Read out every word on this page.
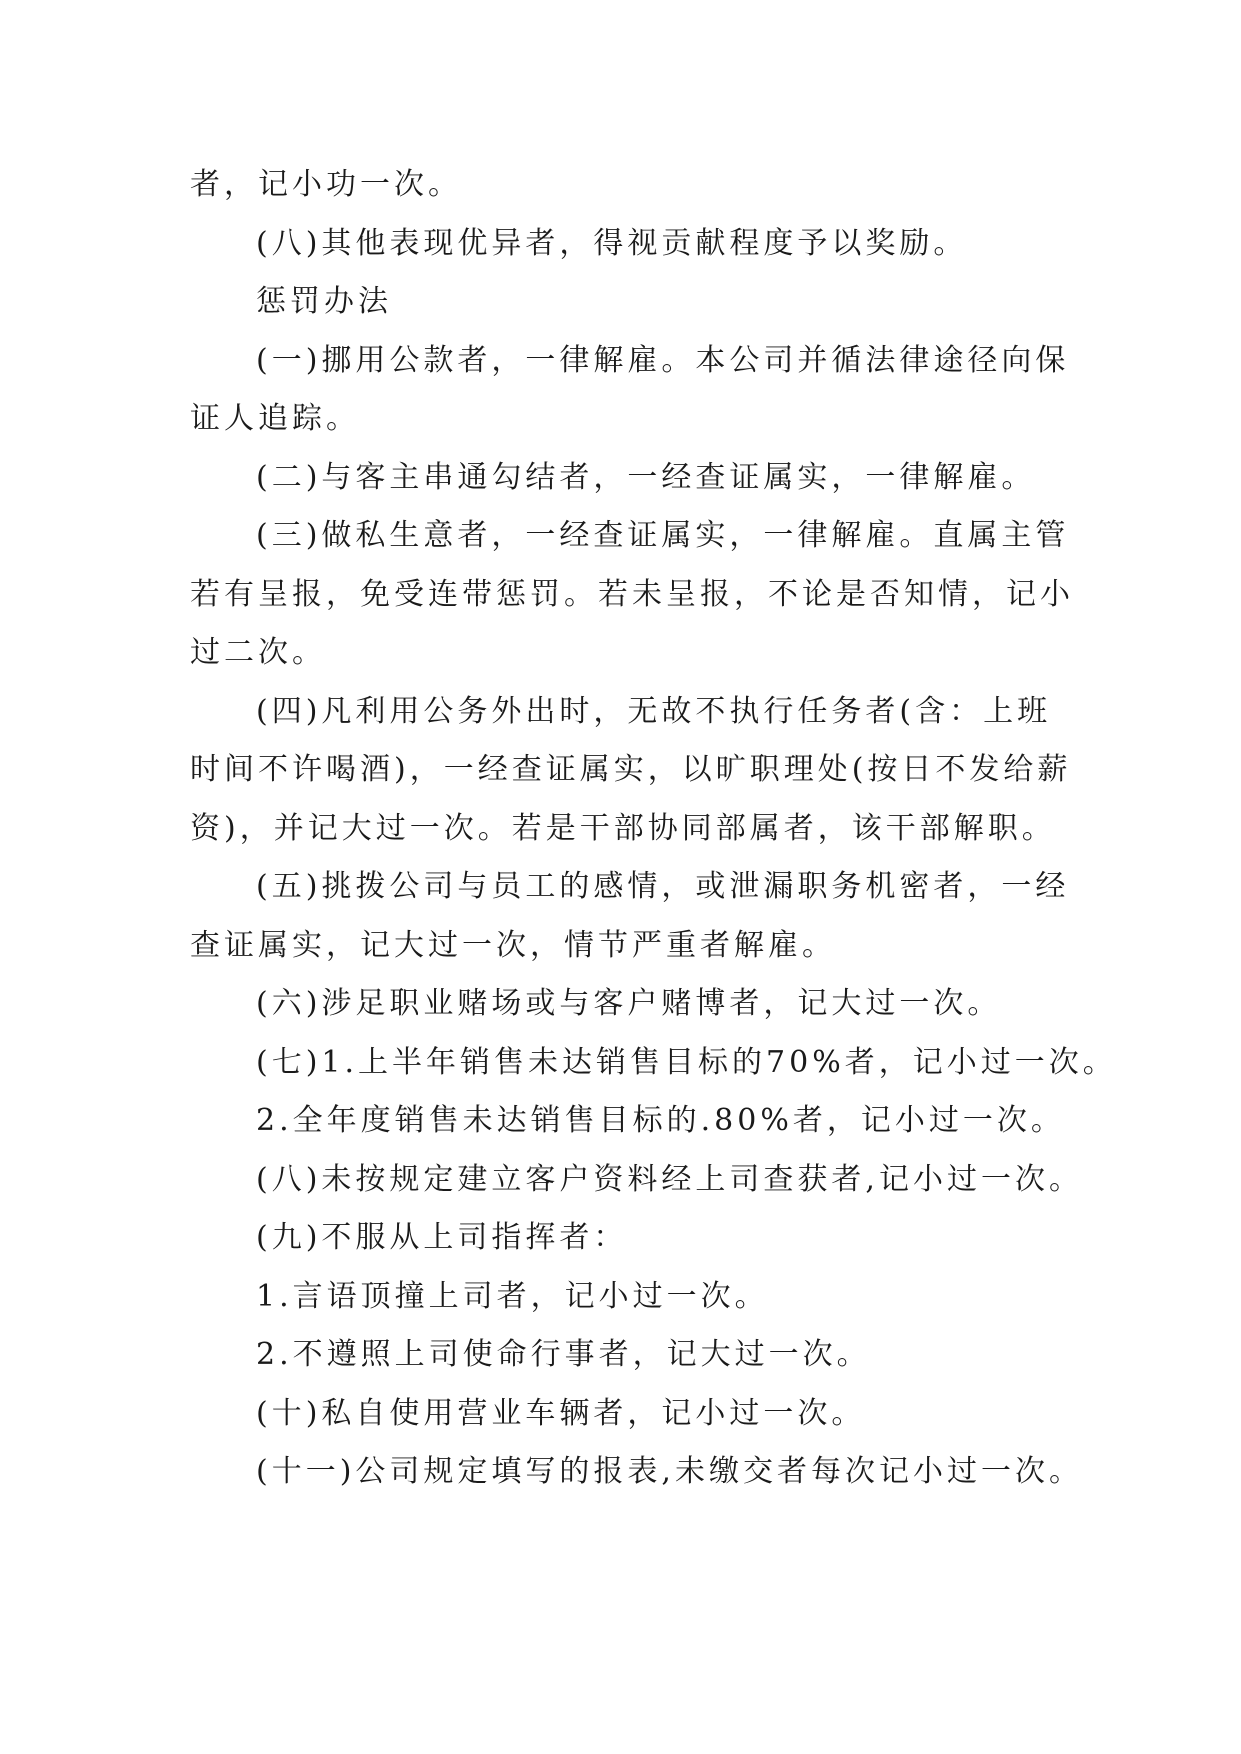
者，记小功一次。
(八)其他表现优异者，得视贡献程度予以奖励。
惩罚办法
(一)挪用公款者，一律解雇。本公司并循法律途径向保
证人追踪。
(二)与客主串通勾结者，一经查证属实，一律解雇。
(三)做私生意者，一经查证属实，一律解雇。直属主管
若有呈报，免受连带惩罚。若未呈报，不论是否知情，记小
过二次。
(四)凡利用公务外出时，无故不执行任务者(含：上班
时间不许喝酒)，一经查证属实，以旷职理处(按日不发给薪
资)，并记大过一次。若是干部协同部属者，该干部解职。
(五)挑拨公司与员工的感情，或泄漏职务机密者，一经
查证属实，记大过一次，情节严重者解雇。
(六)涉足职业赌场或与客户赌博者，记大过一次。
(七)1.上半年销售未达销售目标的70%者，记小过一次。
2.全年度销售未达销售目标的.80%者，记小过一次。
(八)未按规定建立客户资料经上司查获者,记小过一次。
(九)不服从上司指挥者：
1.言语顶撞上司者，记小过一次。
2.不遵照上司使命行事者，记大过一次。
(十)私自使用营业车辆者，记小过一次。
(十一)公司规定填写的报表,未缴交者每次记小过一次。
